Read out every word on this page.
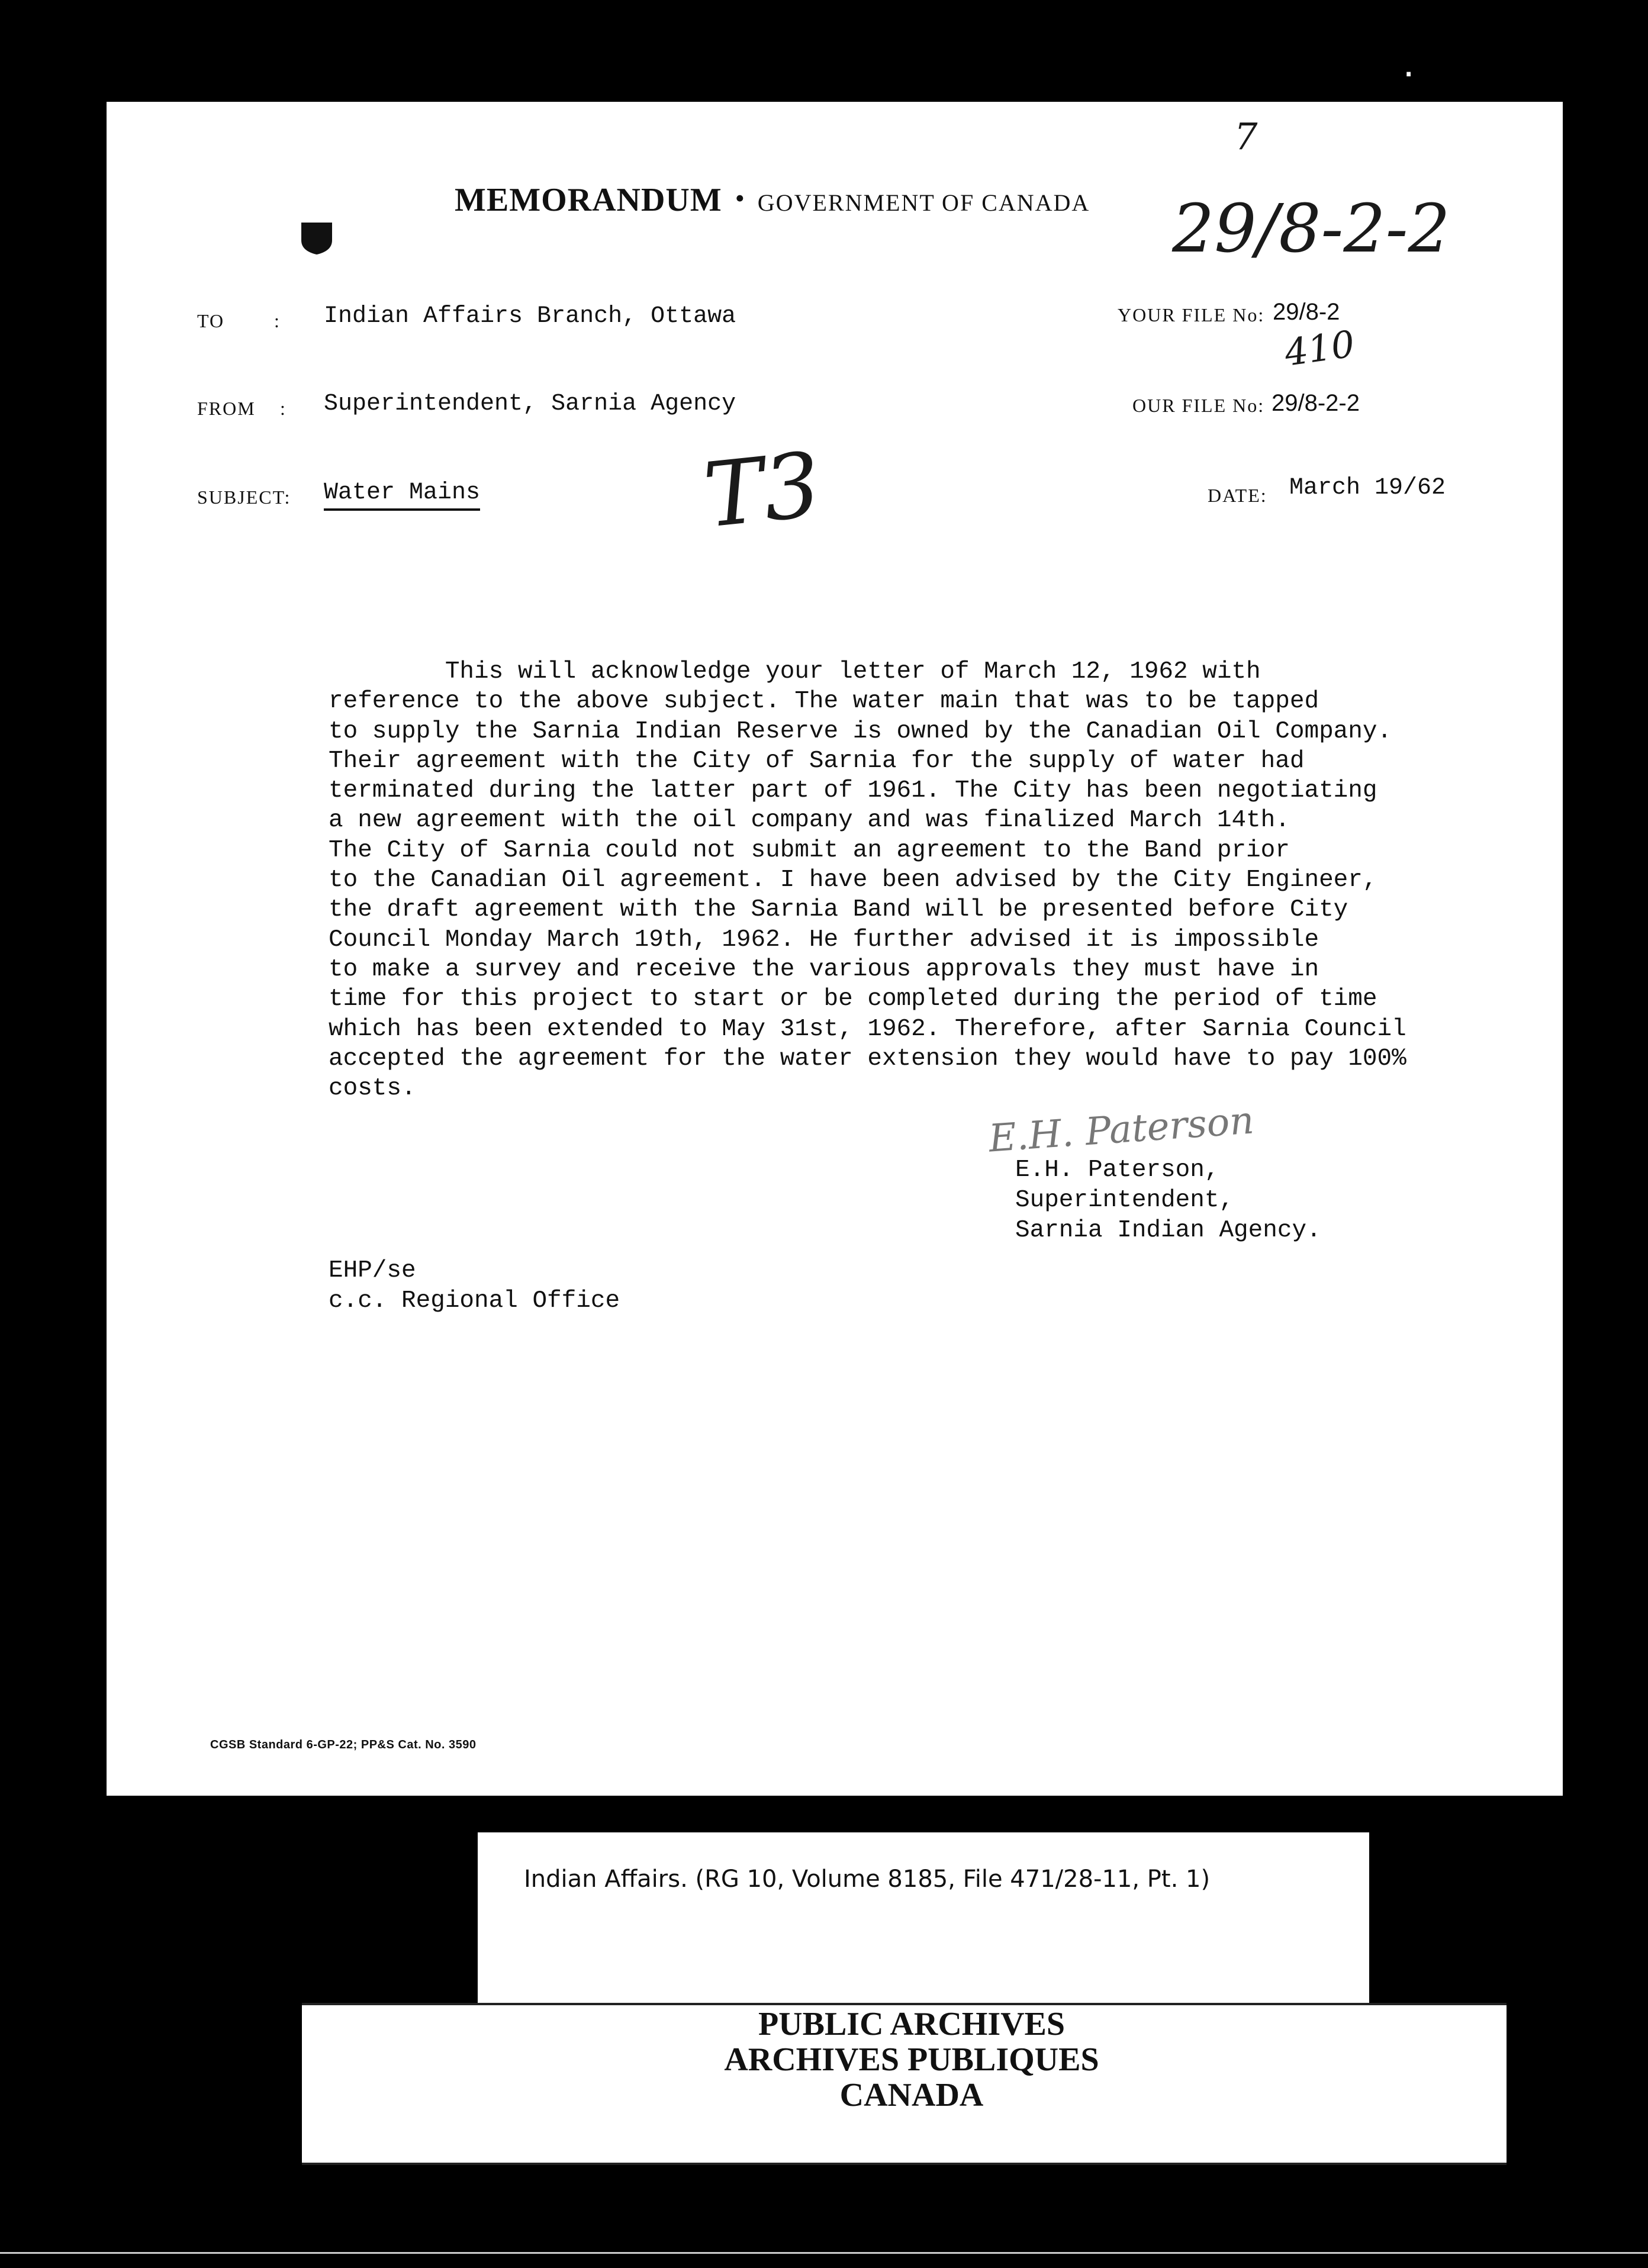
·
MEMORANDUM • GOVERNMENT OF CANADA
7
29/8-2-2
410
T3
TO	: Indian Affairs Branch, Ottawa
FROM : Superintendent, Sarnia Agency
SUBJECT: Water Mains
YOUR FILE No: 29/8-2
OUR FILE No: 29/8-2-2
DATE: March 19/62
This will acknowledge your letter of March 12, 1962 with
reference to the above subject. The water main that was to be tapped
to supply the Sarnia Indian Reserve is owned by the Canadian Oil Company.
Their agreement with the City of Sarnia for the supply of water had
terminated during the latter part of 1961. The City has been negotiating
a new agreement with the oil company and was finalized March 14th.
The City of Sarnia could not submit an agreement to the Band prior
to the Canadian Oil agreement. I have been advised by the City Engineer,
the draft agreement with the Sarnia Band will be presented before City
Council Monday March 19th, 1962. He further advised it is impossible
to make a survey and receive the various approvals they must have in
time for this project to start or be completed during the period of time
which has been extended to May 31st, 1962. Therefore, after Sarnia Council
accepted the agreement for the water extension they would have to pay 100%
costs.
E.H. Paterson
E.H. Paterson,
Superintendent,
Sarnia Indian Agency.
EHP/se
c.c. Regional Office
CGSB Standard 6-GP-22; PP&S Cat. No. 3590
Indian Affairs. (RG 10, Volume 8185, File 471/28-11, Pt. 1)
PUBLIC ARCHIVES
ARCHIVES PUBLIQUES
CANADA
